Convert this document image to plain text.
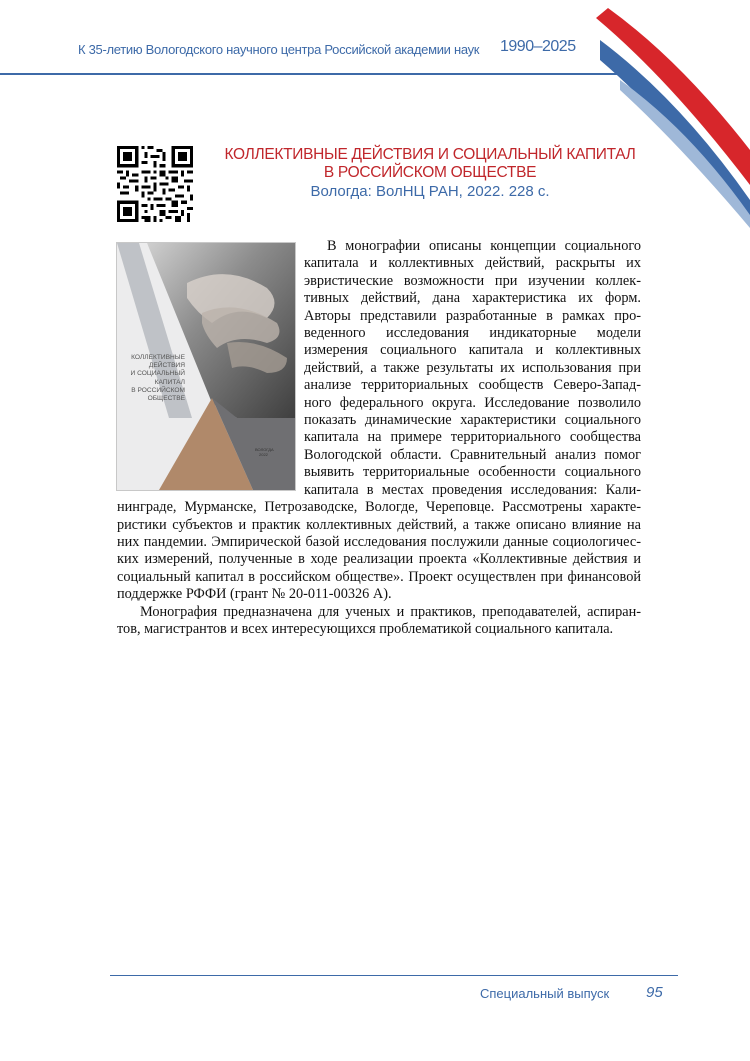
К 35-летию Вологодского научного центра Российской академии наук 1990–2025
КОЛЛЕКТИВНЫЕ ДЕЙСТВИЯ И СОЦИАЛЬНЫЙ КАПИТАЛ
В РОССИЙСКОМ ОБЩЕСТВЕ
Вологда: ВолНЦ РАН, 2022. 228 с.
КОЛЛЕКТИВНЫЕ
ДЕЙСТВИЯ
И СОЦИАЛЬНЫЙ
КАПИТАЛ
В РОССИЙСКОМ
ОБЩЕСТВЕ
ВОЛОГДА
2022

В монографии описаны концепции социального капитала и коллективных действий, раскрыты их эвристические возможности при изучении коллективных действий, дана характеристика их форм. Авторы представили разработанные в рамках проведенного исследования индикаторные модели измерения социального капитала и коллективных действий, а также результаты их использования при анализе территориальных сообществ Северо-Западного федерального округа. Исследование позволило показать динамические характеристики социального капитала на примере территориального сообщества Вологодской области. Сравнительный анализ помог выявить территориальные особенности социального капитала в местах проведения исследования: Калининграде, Мурманске, Петрозаводске, Вологде, Череповце. Рассмотрены характеристики субъектов и практик коллективных действий, а также описано влияние на них пандемии. Эмпирической базой исследования послужили данные социологических измерений, полученные в ходе реализации проекта «Коллективные действия и социальный капитал в российском обществе». Проект осуществлен при финансовой поддержке РФФИ (грант № 20-011-00326 А).

Монография предназначена для ученых и практиков, преподавателей, аспирантов, магистрантов и всех интересующихся проблематикой социального капитала.

Специальный выпуск 95
